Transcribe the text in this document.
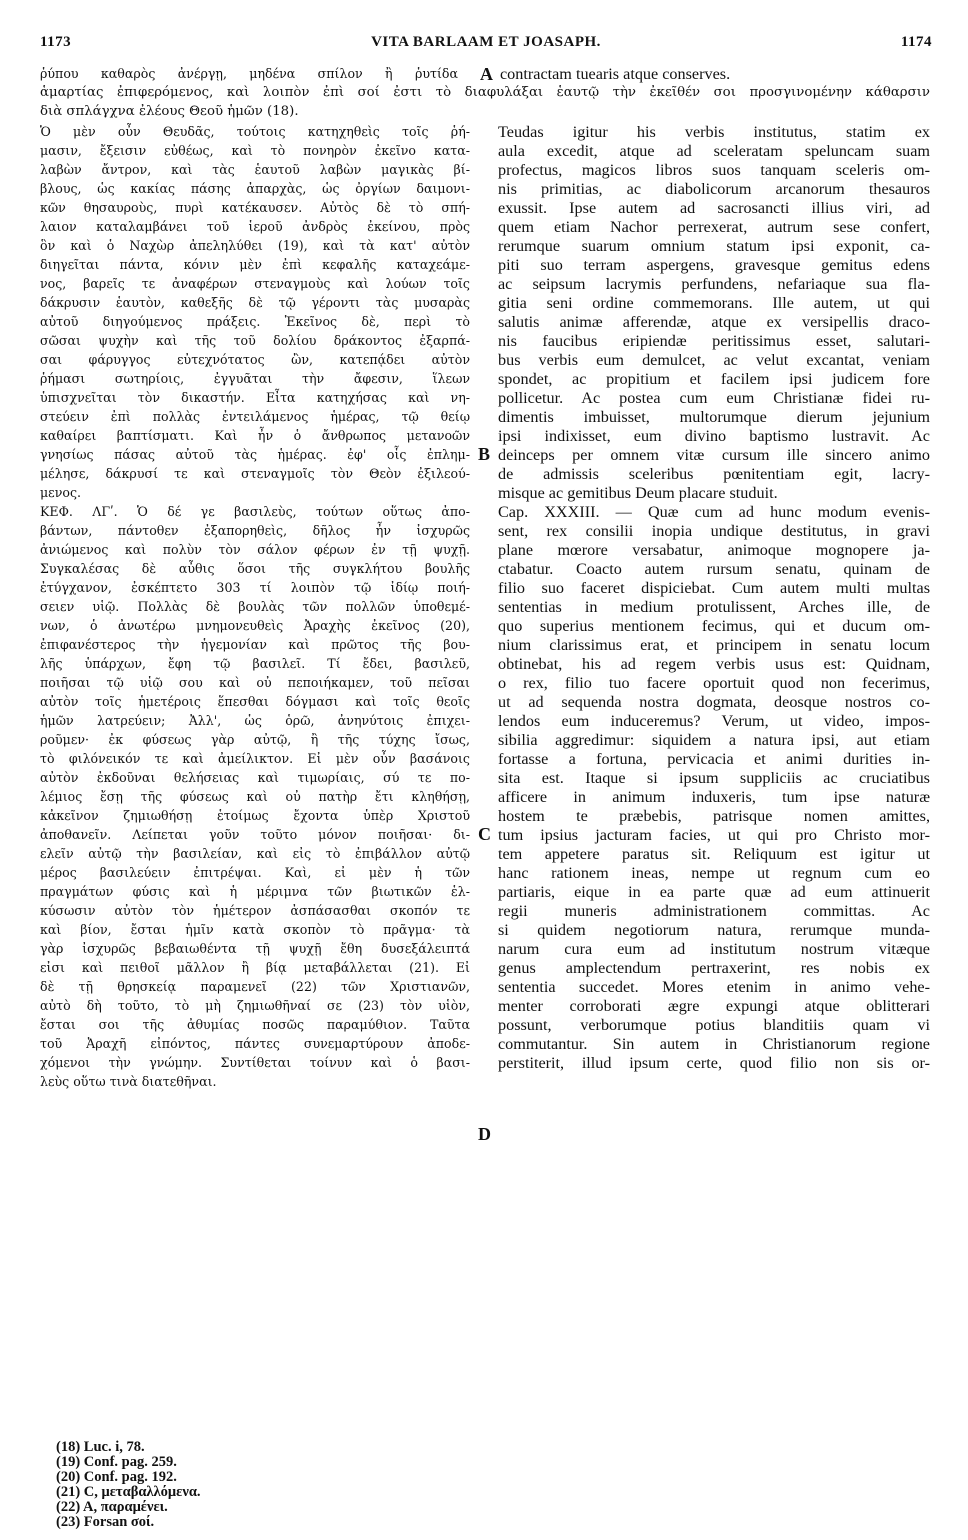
1173	VITA BARLAAM ET JOASAPH.	1174
ῥύπου καθαρὸς ἀνέργῃ, μηδένα σπίλον ἢ ῥυτίδα A contractam tuearis atque conserves.
ἁμαρτίας ἐπιφερόμενος, καὶ λοιπὸν ἐπὶ σοί ἐστι τὸ διαφυλάξαι ἑαυτῷ τὴν ἐκεῖθέν σοι προσγινομένην κάθαρσιν
διὰ σπλάγχνα ἐλέους Θεοῦ ἡμῶν (18).
Ὁ μὲν οὖν Θευδᾶς, τούτοις κατηχηθεὶς τοῖς ῥή-
μασιν, ἔξεισιν εὐθέως, καὶ τὸ πονηρὸν ἐκεῖνο κατα-
λαβὼν ἄντρον, καὶ τὰς ἑαυτοῦ λαβὼν μαγικὰς βί-
βλους, ὡς κακίας πάσης ἀπαρχὰς, ὡς ὀργίων δαιμονι-
κῶν θησαυροὺς, πυρὶ κατέκαυσεν. Αὐτὸς δὲ τὸ σπή-
λαιον καταλαμβάνει τοῦ ἱεροῦ ἀνδρὸς ἐκείνου, πρὸς
ὃν καὶ ὁ Ναχὼρ ἀπεληλύθει (19), καὶ τὰ κατ' αὐτὸν
διηγεῖται πάντα, κόνιν μὲν ἐπὶ κεφαλῆς καταχεάμε-
νος, βαρεῖς τε ἀναφέρων στεναγμοὺς καὶ λούων τοῖς
δάκρυσιν ἑαυτὸν, καθεξῆς δὲ τῷ γέροντι τὰς μυσαρὰς
αὐτοῦ διηγούμενος πράξεις. Ἐκεῖνος δὲ, περὶ τὸ
σῶσαι ψυχὴν καὶ τῆς τοῦ δολίου δράκοντος ἐξαρπά-
σαι φάρυγγος εὐτεχνότατος ὢν, κατεπᾴδει αὐτὸν
ῥήμασι σωτηρίοις, ἐγγυᾶται τὴν ἄφεσιν, ἵλεων
ὑπισχνεῖται τὸν δικαστήν. Εἶτα κατηχήσας καὶ νη-
στεύειν ἐπὶ πολλὰς ἐντειλάμενος ἡμέρας, τῷ θείῳ
καθαίρει βαπτίσματι. Καὶ ἦν ὁ ἄνθρωπος μετανοῶν
γνησίως πάσας αὐτοῦ τὰς ἡμέρας. ἐφ' οἷς ἐπλημ-
μέλησε, δάκρυσί τε καὶ στεναγμοῖς τὸν Θεὸν ἐξιλεού-
μενος.
ΚΕΦ. ΛΓʹ. Ὁ δέ γε βασιλεὺς, τούτων οὕτως ἀπο-
βάντων, πάντοθεν ἐξαπορηθεὶς, δῆλος ἦν ἰσχυρῶς
ἀνιώμενος καὶ πολὺν τὸν σάλον φέρων ἐν τῇ ψυχῇ.
Συγκαλέσας δὲ αὖθις ὅσοι τῆς συγκλήτου βουλῆς
ἐτύγχανον, ἐσκέπτετο 303 τί λοιπὸν τῷ ἰδίῳ ποιή-
σειεν υἱῷ. Πολλὰς δὲ βουλὰς τῶν πολλῶν ὑποθεμέ-
νων, ὁ ἀνωτέρω μνημονευθεὶς Ἀραχὴς ἐκεῖνος (20),
ἐπιφανέστερος τὴν ἡγεμονίαν καὶ πρῶτος τῆς βου-
λῆς ὑπάρχων, ἔφη τῷ βασιλεῖ. Τί ἔδει, βασιλεῦ,
ποιῆσαι τῷ υἱῷ σου καὶ οὐ πεποιήκαμεν, τοῦ πεῖσαι
αὐτὸν τοῖς ἡμετέροις ἕπεσθαι δόγμασι καὶ τοῖς θεοῖς
ἡμῶν λατρεύειν; Ἀλλ', ὡς ὁρῶ, ἀνηνύτοις ἐπιχει-
ροῦμεν· ἐκ φύσεως γὰρ αὐτῷ, ἢ τῆς τύχης ἴσως,
τὸ φιλόνεικόν τε καὶ ἀμείλικτον. Εἰ μὲν οὖν βασάνοις
αὐτὸν ἐκδοῦναι θελήσειας καὶ τιμωρίαις, σύ τε πο-
λέμιος ἔσῃ τῆς φύσεως καὶ οὐ πατὴρ ἔτι κληθήσῃ,
κἀκεῖνον ζημιωθήσῃ ἑτοίμως ἔχοντα ὑπὲρ Χριστοῦ
ἀποθανεῖν. Λείπεται γοῦν τοῦτο μόνον ποιῆσαι· δι-
ελεῖν αὐτῷ τὴν βασιλείαν, καὶ εἰς τὸ ἐπιβάλλον αὐτῷ
μέρος βασιλεύειν ἐπιτρέψαι. Καὶ, εἰ μὲν ἡ τῶν
πραγμάτων φύσις καὶ ἡ μέριμνα τῶν βιωτικῶν ἑλ-
κύσωσιν αὐτὸν τὸν ἡμέτερον ἀσπάσασθαι σκοπόν τε
καὶ βίον, ἔσται ἡμῖν κατὰ σκοπὸν τὸ πρᾶγμα· τὰ
γὰρ ἰσχυρῶς βεβαιωθέντα τῇ ψυχῇ ἔθη δυσεξάλειπτά
εἰσι καὶ πειθοῖ μᾶλλον ἢ βίᾳ μεταβάλλεται (21). Εἰ
δὲ τῇ θρησκείᾳ παραμενεῖ (22) τῶν Χριστιανῶν,
αὐτὸ δὴ τοῦτο, τὸ μὴ ζημιωθῆναί σε (23) τὸν υἱὸν,
ἔσται σοι τῆς ἀθυμίας ποσῶς παραμύθιον. Ταῦτα
τοῦ Ἀραχῆ εἰπόντος, πάντες συνεμαρτύρουν ἀποδε-
χόμενοι τὴν γνώμην. Συντίθεται τοίνυν καὶ ὁ βασι-
λεὺς οὕτω τινὰ διατεθῆναι.
Teudas igitur his verbis institutus, statim ex
aula excedit, atque ad sceleratam speluncam suam
profectus, magicos libros suos tanquam sceleris om-
nis primitias, ac diabolicorum arcanorum thesauros
exussit. Ipse autem ad sacrosancti illius viri, ad
quem etiam Nachor perrexerat, autrum sese confert,
rerumque suarum omnium statum ipsi exponit, ca-
piti suo terram aspergens, gravesque gemitus edens
ac seipsum lacrymis perfundens, nefariaque sua fla-
gitia seni ordine commemorans. Ille autem, ut qui
salutis animæ afferendæ, atque ex versipellis draco-
nis faucibus eripiendæ peritissimus esset, salutari-
bus verbis eum demulcet, ac velut excantat, veniam
spondet, ac propitium et facilem ipsi judicem fore
pollicetur. Ac postea cum eum Christianæ fidei ru-
dimentis imbuisset, multorumque dierum jejunium
ipsi indixisset, eum divino baptismo lustravit. Ac
deinceps per omnem vitæ cursum ille sincero animo
de admissis sceleribus pœnitentiam egit, lacry-
misque ac gemitibus Deum placare studuit.
Cap. XXXIII. — Quæ cum ad hunc modum evenis-
sent, rex consilii inopia undique destitutus, in gravi
plane mœrore versabatur, animoque mognopere ja-
ctabatur. Coacto autem rursum senatu, quinam de
filio suo faceret dispiciebat. Cum autem multi multas
sententias in medium protulissent, Arches ille, de
quo superius mentionem fecimus, qui et ducum om-
nium clarissimus erat, et principem in senatu locum
obtinebat, his ad regem verbis usus est: Quidnam,
o rex, filio tuo facere oportuit quod non fecerimus,
ut ad sequenda nostra dogmata, deosque nostros co-
lendos eum induceremus? Verum, ut video, impos-
sibilia aggredimur: siquidem a natura ipsi, aut etiam
fortasse a fortuna, pervicacia et animi durities in-
sita est. Itaque si ipsum suppliciis ac cruciatibus
afficere in animum induxeris, tum ipse naturæ
hostem te præbebis, patrisque nomen amittes,
tum ipsius jacturam facies, ut qui pro Christo mor-
tem appetere paratus sit. Reliquum est igitur ut
hanc rationem ineas, nempe ut regnum cum eo
partiaris, eique in ea parte quæ ad eum attinuerit
regii muneris administrationem committas. Ac
si quidem negotiorum natura, rerumque munda-
narum cura eum ad institutum nostrum vitæque
genus amplectendum pertraxerint, res nobis ex
sententia succedet. Mores etenim in animo vehe-
menter corroborati ægre expungi atque oblitterari
possunt, verborumque potius blanditiis quam vi
commutantur. Sin autem in Christianorum regione
perstiterit, illud ipsum certe, quod filio non sis or-
B
C
D
(18) Luc. i, 78.
(19) Conf. pag. 259.
(20) Conf. pag. 192.
(21) C, μεταβαλλόμενα.
(22) A, παραμένει.
(23) Forsan σοί.
